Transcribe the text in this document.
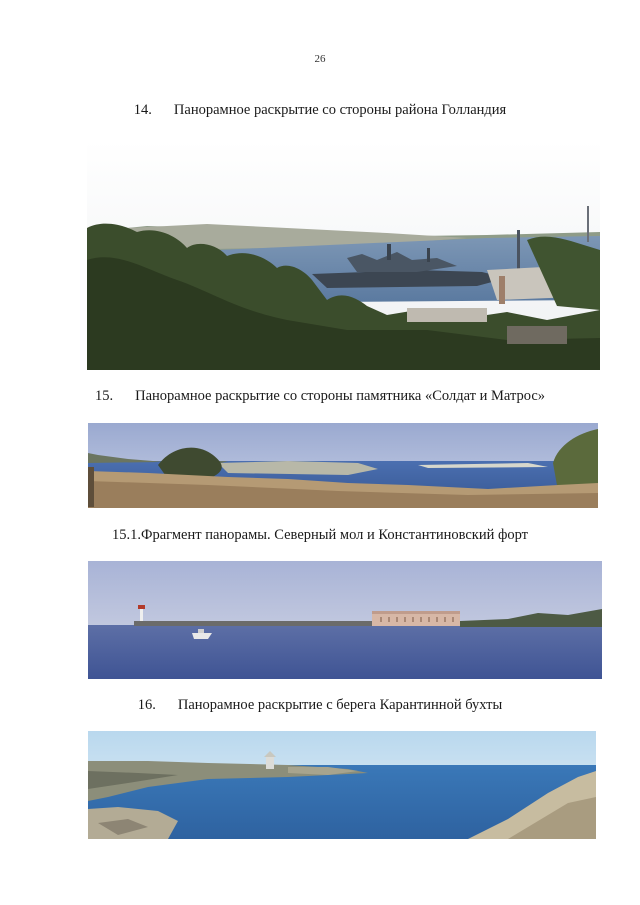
26
14. Панорамное раскрытие со стороны района Голландия
15. Панорамное раскрытие со стороны памятника «Солдат и Матрос»
15.1.Фрагмент панорамы. Северный мол и Константиновский форт
16. Панорамное раскрытие с берега Карантинной бухты
